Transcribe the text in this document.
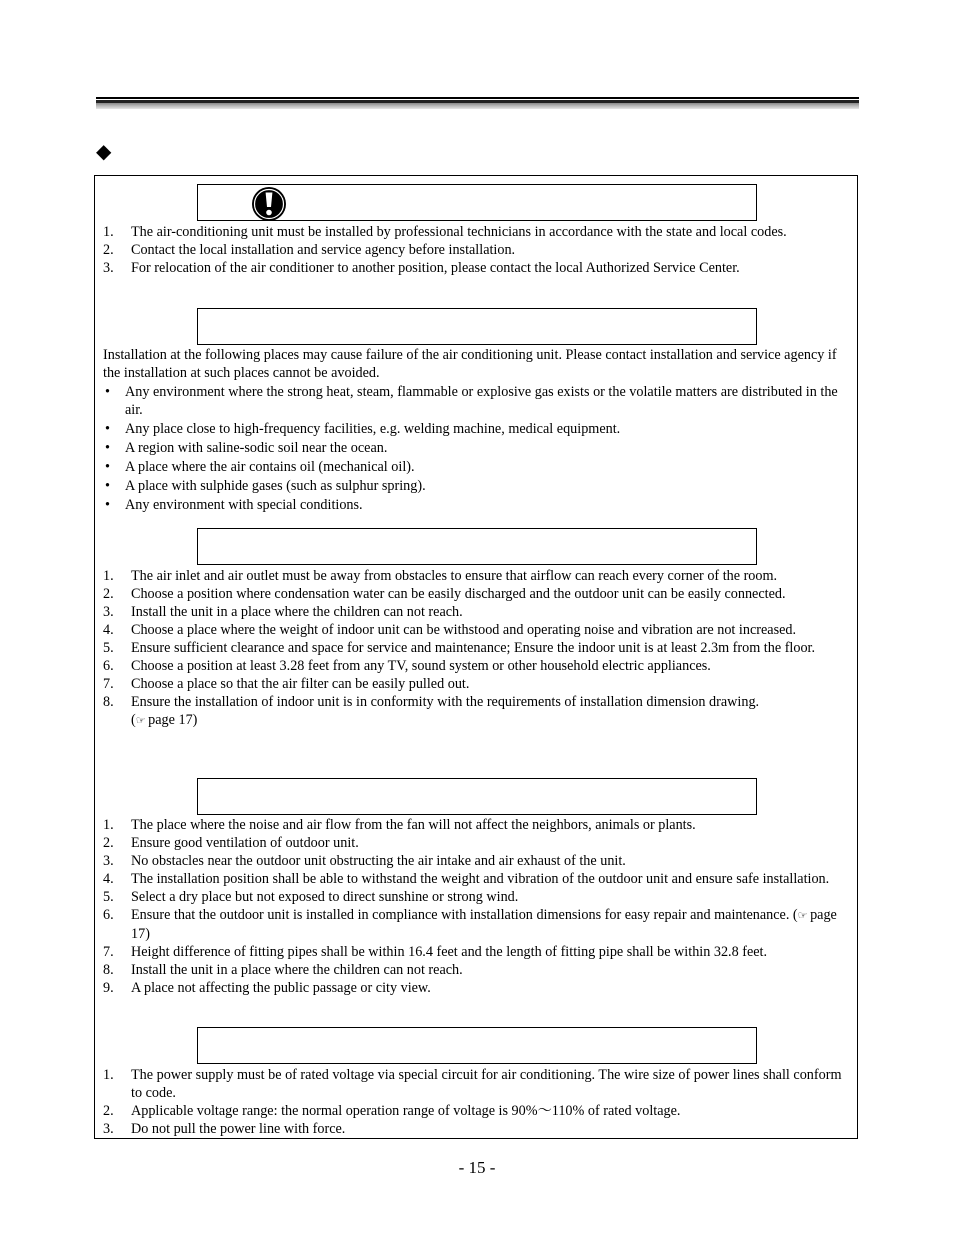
◆
1. The air-conditioning unit must be installed by professional technicians in accordance with the state and local codes.
2. Contact the local installation and service agency before installation.
3. For relocation of the air conditioner to another position, please contact the local Authorized Service Center.

Installation at the following places may cause failure of the air conditioning unit. Please contact installation and service agency if the installation at such places cannot be avoided.

• Any environment where the strong heat, steam, flammable or explosive gas exists or the volatile matters are distributed in the air.
• Any place close to high-frequency facilities, e.g. welding machine, medical equipment.
• A region with saline-sodic soil near the ocean.
• A place where the air contains oil (mechanical oil).
• A place with sulphide gases (such as sulphur spring).
• Any environment with special conditions.
1. The air inlet and air outlet must be away from obstacles to ensure that airflow can reach every corner of the room.
2. Choose a position where condensation water can be easily discharged and the outdoor unit can be easily connected.
3. Install the unit in a place where the children can not reach.
4. Choose a place where the weight of indoor unit can be withstood and operating noise and vibration are not increased.
5. Ensure sufficient clearance and space for service and maintenance; Ensure the indoor unit is at least 2.3m from the floor.
6. Choose a position at least 3.28 feet from any TV, sound system or other household electric appliances.
7. Choose a place so that the air filter can be easily pulled out.
8. Ensure the installation of indoor unit is in conformity with the requirements of installation dimension drawing.
(☞ page 17)
1. The place where the noise and air flow from the fan will not affect the neighbors, animals or plants.
2. Ensure good ventilation of outdoor unit.
3. No obstacles near the outdoor unit obstructing the air intake and air exhaust of the unit.
4. The installation position shall be able to withstand the weight and vibration of the outdoor unit and ensure safe installation.
5. Select a dry place but not exposed to direct sunshine or strong wind.
6. Ensure that the outdoor unit is installed in compliance with installation dimensions for easy repair and maintenance. (☞ page 17)
7. Height difference of fitting pipes shall be within 16.4 feet and the length of fitting pipe shall be within 32.8 feet.
8. Install the unit in a place where the children can not reach.
9. A place not affecting the public passage or city view.
1. The power supply must be of rated voltage via special circuit for air conditioning. The wire size of power lines shall conform to code.
2. Applicable voltage range: the normal operation range of voltage is 90%～110% of rated voltage.
3. Do not pull the power line with force.
- 15 -
